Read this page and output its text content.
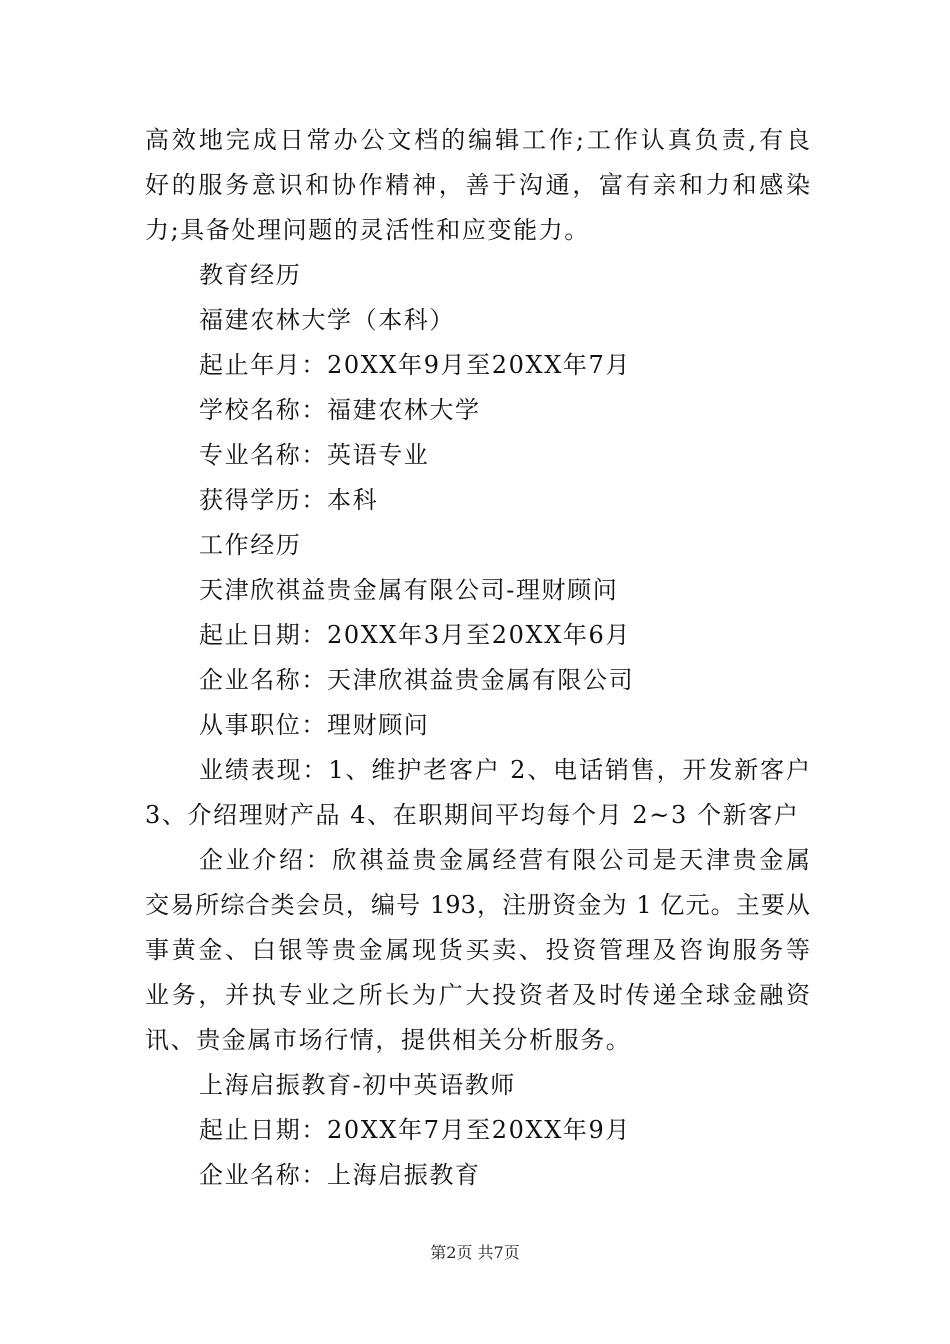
高效地完成日常办公文档的编辑工作;工作认真负责,有良
好的服务意识和协作精神，善于沟通，富有亲和力和感染
力;具备处理问题的灵活性和应变能力。
教育经历
福建农林大学（本科）
起止年月：20XX年9月至20XX年7月
学校名称：福建农林大学
专业名称：英语专业
获得学历：本科
工作经历
天津欣祺益贵金属有限公司-理财顾问
起止日期：20XX年3月至20XX年6月
企业名称：天津欣祺益贵金属有限公司
从事职位：理财顾问
业绩表现：1、维护老客户 2、电话销售，开发新客户
3、介绍理财产品 4、在职期间平均每个月 2~3 个新客户
企业介绍：欣祺益贵金属经营有限公司是天津贵金属
交易所综合类会员，编号 193，注册资金为 1 亿元。主要从
事黄金、白银等贵金属现货买卖、投资管理及咨询服务等
业务，并执专业之所长为广大投资者及时传递全球金融资
讯、贵金属市场行情，提供相关分析服务。
上海启振教育-初中英语教师
起止日期：20XX年7月至20XX年9月
企业名称：上海启振教育
第2页 共7页
